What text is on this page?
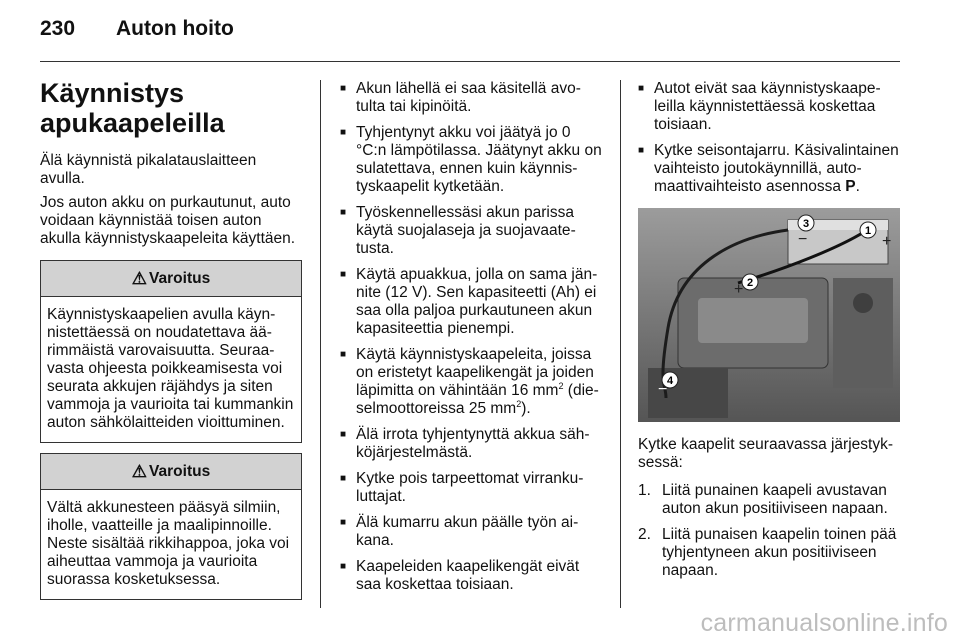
230	Auton hoito
Käynnistys
apukaapeleilla

Älä käynnistä pikalatauslaitteen avulla.

Jos auton akku on purkautunut, auto voidaan käynnistää toisen auton akulla käynnistyskaapeleita käyttäen.

⚠ Varoitus
Käynnistyskaapelien avulla käynnistettäessä on noudatettava äärimmäistä varovaisuutta. Seuraavasta ohjeesta poikkeamisesta voi seurata akkujen räjähdys ja siten vammoja ja vaurioita tai kummankin auton sähkölaitteiden vioittuminen.
⚠ Varoitus
Vältä akkunesteen pääsyä silmiin, iholle, vaatteille ja maalipinnoille. Neste sisältää rikkihappoa, joka voi aiheuttaa vammoja ja vaurioita suorassa kosketuksessa.
■ Akun lähellä ei saa käsitellä avotulta tai kipinöitä.
■ Tyhjentynyt akku voi jäätyä jo 0 °C:n lämpötilassa. Jäätynyt akku on sulatettava, ennen kuin käynnistyskaapelit kytketään.
■ Työskennellessäsi akun parissa käytä suojalaseja ja suojavaatetusta.
■ Käytä apuakkua, jolla on sama jännite (12 V). Sen kapasiteetti (Ah) ei saa olla paljoa purkautuneen akun kapasiteettia pienempi.
■ Käytä käynnistyskaapeleita, joissa on eristetyt kaapelikengät ja joiden läpimitta on vähintään 16 $mm^2$ (dieselmoottoreissa 25 $mm^2$).
■ Älä irrota tyhjentynyttä akkua sähköjärjestelmästä.
■ Kytke pois tarpeettomat virrankuluttajat.
■ Älä kumarru akun päälle työn aikana.
■ Kaapeleiden kaapelikengät eivät saa koskettaa toisiaan.
■ Autot eivät saa käynnistyskaapeleilla käynnistettäessä koskettaa toisiaan.
■ Kytke seisontajarru. Käsivalintainen vaihteisto joutokäynnillä, automaattivaihteisto asennossa P.
1
2
3
4
+
−
+
−

Kytke kaapelit seuraavassa järjestyksessä:

1. Liitä punainen kaapeli avustavan auton akun positiiviseen napaan.
2. Liitä punaisen kaapelin toinen pää tyhjentyneen akun positiiviseen napaan.
carmanualsonline.info
